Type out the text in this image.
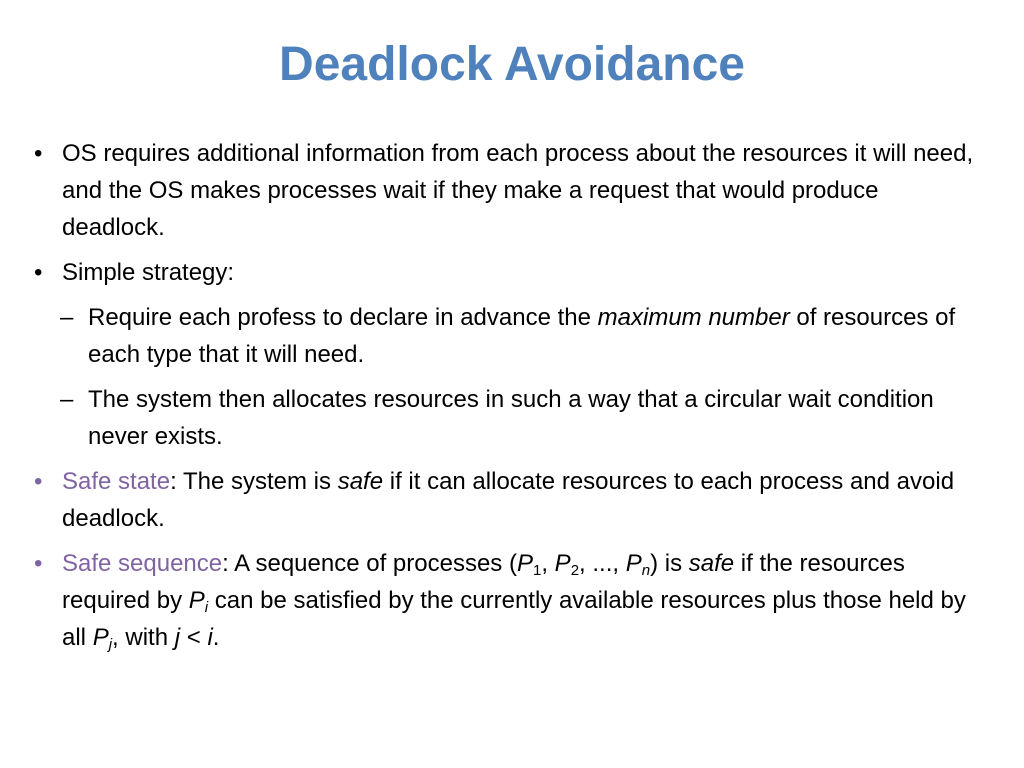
Deadlock Avoidance
• OS requires additional information from each process about the resources it will need, and the OS makes processes wait if they make a request that would produce deadlock.
• Simple strategy:
– Require each profess to declare in advance the maximum number of resources of each type that it will need.
– The system then allocates resources in such a way that a circular wait condition never exists.
• Safe state: The system is safe if it can allocate resources to each process and avoid deadlock.
• Safe sequence: A sequence of processes ($P_1$, $P_2$, ..., $P_n$) is safe if the resources required by $P_i$ can be satisfied by the currently available resources plus those held by all $P_j$, with j < i.
